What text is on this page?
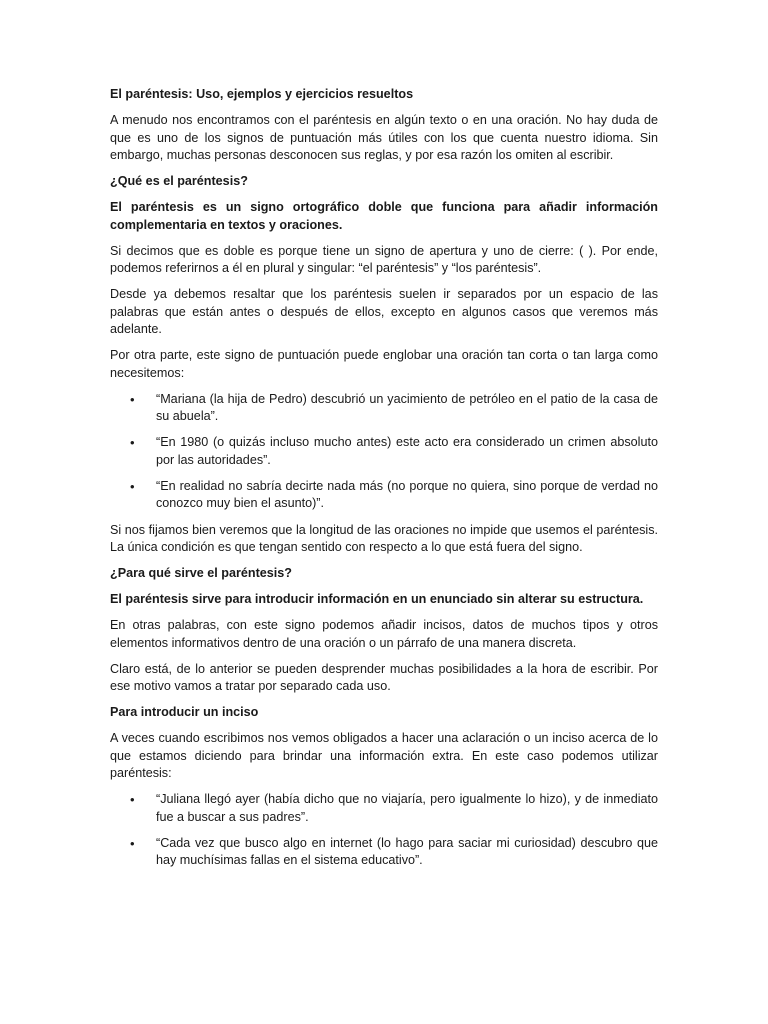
El paréntesis: Uso, ejemplos y ejercicios resueltos

A menudo nos encontramos con el paréntesis en algún texto o en una oración. No hay duda de que es uno de los signos de puntuación más útiles con los que cuenta nuestro idioma. Sin embargo, muchas personas desconocen sus reglas, y por esa razón los omiten al escribir.

¿Qué es el paréntesis?

El paréntesis es un signo ortográfico doble que funciona para añadir información complementaria en textos y oraciones.

Si decimos que es doble es porque tiene un signo de apertura y uno de cierre: ( ). Por ende, podemos referirnos a él en plural y singular: “el paréntesis” y “los paréntesis”.

Desde ya debemos resaltar que los paréntesis suelen ir separados por un espacio de las palabras que están antes o después de ellos, excepto en algunos casos que veremos más adelante.

Por otra parte, este signo de puntuación puede englobar una oración tan corta o tan larga como necesitemos:

• “Mariana (la hija de Pedro) descubrió un yacimiento de petróleo en el patio de la casa de su abuela”.
• “En 1980 (o quizás incluso mucho antes) este acto era considerado un crimen absoluto por las autoridades”.
• “En realidad no sabría decirte nada más (no porque no quiera, sino porque de verdad no conozco muy bien el asunto)”.

Si nos fijamos bien veremos que la longitud de las oraciones no impide que usemos el paréntesis. La única condición es que tengan sentido con respecto a lo que está fuera del signo.

¿Para qué sirve el paréntesis?

El paréntesis sirve para introducir información en un enunciado sin alterar su estructura.

En otras palabras, con este signo podemos añadir incisos, datos de muchos tipos y otros elementos informativos dentro de una oración o un párrafo de una manera discreta.

Claro está, de lo anterior se pueden desprender muchas posibilidades a la hora de escribir. Por ese motivo vamos a tratar por separado cada uso.

Para introducir un inciso

A veces cuando escribimos nos vemos obligados a hacer una aclaración o un inciso acerca de lo que estamos diciendo para brindar una información extra. En este caso podemos utilizar paréntesis:

• “Juliana llegó ayer (había dicho que no viajaría, pero igualmente lo hizo), y de inmediato fue a buscar a sus padres”.
• “Cada vez que busco algo en internet (lo hago para saciar mi curiosidad) descubro que hay muchísimas fallas en el sistema educativo”.
